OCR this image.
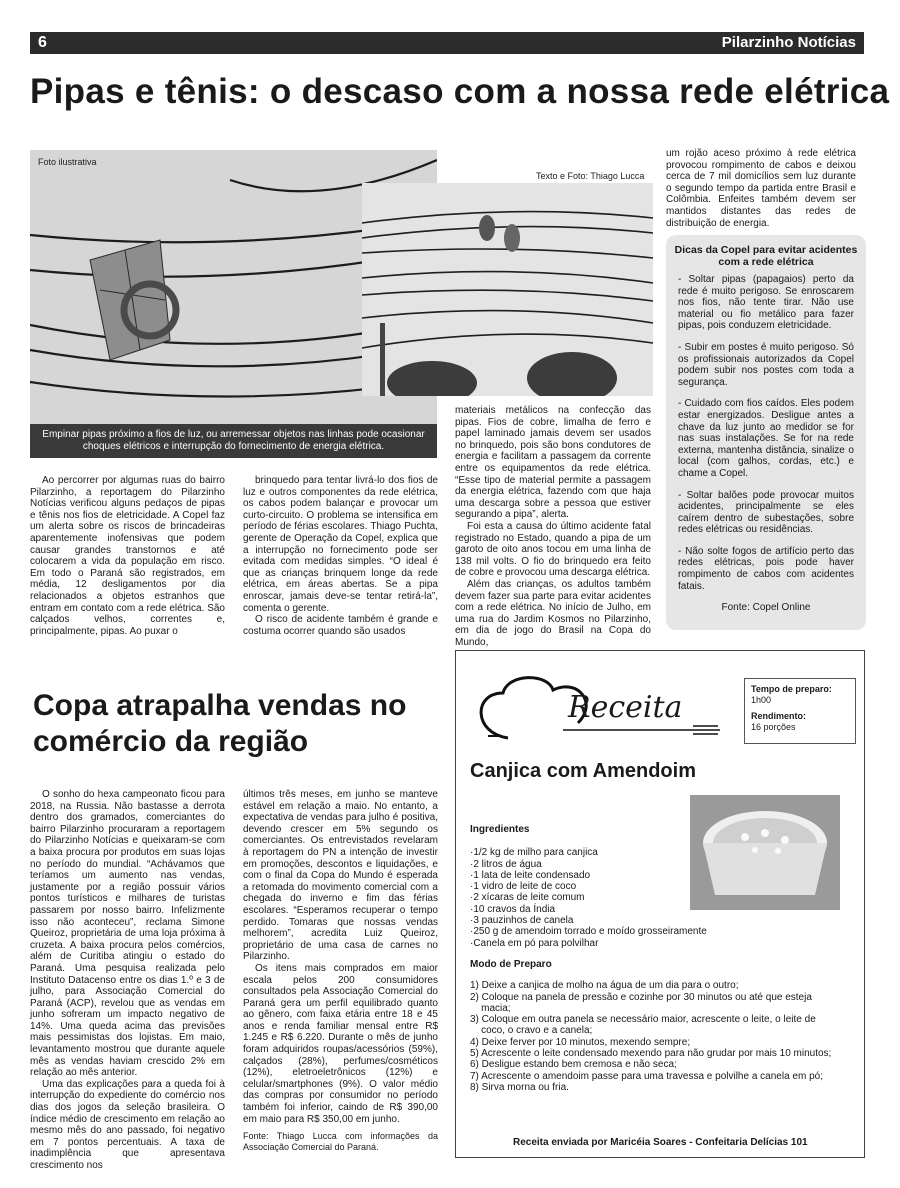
6	Pilarzinho Notícias
Pipas e tênis: o descaso com a nossa rede elétrica
Foto ilustrativa
Texto e Foto: Thiago Lucca
Empinar pipas próximo a fios de luz, ou arremessar objetos nas linhas pode ocasionar choques elétricos e interrupção do fornecimento de energia elétrica.

Ao percorrer por algumas ruas do bairro Pilarzinho, a reportagem do Pilarzinho Notícias verificou alguns pedaços de pipas e tênis nos fios de eletricidade. A Copel faz um alerta sobre os riscos de brincadeiras aparentemente inofensivas que podem causar grandes transtornos e até colocarem a vida da população em risco. Em todo o Paraná são registrados, em média, 12 desligamentos por dia relacionados a objetos estranhos que entram em contato com a rede elétrica. São calçados velhos, correntes e, principalmente, pipas. Ao puxar o

brinquedo para tentar livrá-lo dos fios de luz e outros componentes da rede elétrica, os cabos podem balançar e provocar um curto-circuito. O problema se intensifica em período de férias escolares. Thiago Puchta, gerente de Operação da Copel, explica que a interrupção no fornecimento pode ser evitada com medidas simples. “O ideal é que as crianças brinquem longe da rede elétrica, em áreas abertas. Se a pipa enroscar, jamais deve-se tentar retirá-la”, comenta o gerente.

O risco de acidente também é grande e costuma ocorrer quando são usados

materiais metálicos na confecção das pipas. Fios de cobre, limalha de ferro e papel laminado jamais devem ser usados no brinquedo, pois são bons condutores de energia e facilitam a passagem da corrente entre os equipamentos da rede elétrica. “Esse tipo de material permite a passagem da energia elétrica, fazendo com que haja uma descarga sobre a pessoa que estiver segurando a pipa”, alerta.

Foi esta a causa do último acidente fatal registrado no Estado, quando a pipa de um garoto de oito anos tocou em uma linha de 138 mil volts. O fio do brinquedo era feito de cobre e provocou uma descarga elétrica.

Além das crianças, os adultos também devem fazer sua parte para evitar acidentes com a rede elétrica. No início de Julho, em uma rua do Jardim Kosmos no Pilarzinho, em dia de jogo do Brasil na Copa do Mundo,

um rojão aceso próximo à rede elétrica provocou rompimento de cabos e deixou cerca de 7 mil domicílios sem luz durante o segundo tempo da partida entre Brasil e Colômbia. Enfeites também devem ser mantidos distantes das redes de distribuição de energia.

Dicas da Copel para evitar acidentes com a rede elétrica

- Soltar pipas (papagaios) perto da rede é muito perigoso. Se enroscarem nos fios, não tente tirar. Não use material ou fio metálico para fazer pipas, pois conduzem eletricidade.

- Subir em postes é muito perigoso. Só os profissionais autorizados da Copel podem subir nos postes com toda a segurança.

- Cuidado com fios caídos. Eles podem estar energizados. Desligue antes a chave da luz junto ao medidor se for nas suas instalações. Se for na rede externa, mantenha distância, sinalize o local (com galhos, cordas, etc.) e chame a Copel.

- Soltar balões pode provocar muitos acidentes, principalmente se eles caírem dentro de subestações, sobre redes elétricas ou residências.

- Não solte fogos de artifício perto das redes elétricas, pois pode haver rompimento de cabos com acidentes fatais.

Fonte: Copel Online

Copa atrapalha vendas no comércio da região

O sonho do hexa campeonato ficou para 2018, na Russia. Não bastasse a derrota dentro dos gramados, comerciantes do bairro Pilarzinho procuraram a reportagem do Pilarzinho Notícias e queixaram-se com a baixa procura por produtos em suas lojas no período do mundial. “Achávamos que teríamos um aumento nas vendas, justamente por a região possuir vários pontos turísticos e milhares de turistas passarem por nosso bairro. Infelizmente isso não aconteceu”, reclama Simone Queiroz, proprietária de uma loja próxima à cruzeta. A baixa procura pelos comércios, além de Curitiba atingiu o estado do Paraná. Uma pesquisa realizada pelo Instituto Datacenso entre os dias 1.º e 3 de julho, para Associação Comercial do Paraná (ACP), revelou que as vendas em junho sofreram um impacto negativo de 14%. Uma queda acima das previsões mais pessimistas dos lojistas. Em maio, levantamento mostrou que durante aquele mês as vendas haviam crescido 2% em relação ao mês anterior.

Uma das explicações para a queda foi à interrupção do expediente do comércio nos dias dos jogos da seleção brasileira. O índice médio de crescimento em relação ao mesmo mês do ano passado, foi negativo em 7 pontos percentuais. A taxa de inadimplência que apresentava crescimento nos

últimos três meses, em junho se manteve estável em relação a maio. No entanto, a expectativa de vendas para julho é positiva, devendo crescer em 5% segundo os comerciantes. Os entrevistados revelaram à reportagem do PN a intenção de investir em promoções, descontos e liquidações, e com o final da Copa do Mundo é esperada a retomada do movimento comercial com a chegada do inverno e fim das férias escolares. “Esperamos recuperar o tempo perdido. Tomaras que nossas vendas melhorem”, acredita Luiz Queiroz, proprietário de uma casa de carnes no Pilarzinho.

Os itens mais comprados em maior escala pelos 200 consumidores consultados pela Associação Comercial do Paraná gera um perfil equilibrado quanto ao gênero, com faixa etária entre 18 e 45 anos e renda familiar mensal entre R$ 1.245 e R$ 6.220. Durante o mês de junho foram adquiridos roupas/acessórios (59%), calçados (28%), perfumes/cosméticos (12%), eletroeletrônicos (12%) e celular/smartphones (9%). O valor médio das compras por consumidor no período também foi inferior, caindo de R$ 390,00 em maio para R$ 350,00 em junho.

Fonte: Thiago Lucca com informações da Associação Comercial do Paraná.
Receita
Tempo de preparo: 1h00
Rendimento:
16 porções
Canjica com Amendoim
Ingredientes
·1/2 kg de milho para canjica
·2 litros de água
·1 lata de leite condensado
·1 vidro de leite de coco
·2 xícaras de leite comum
·10 cravos da Índia
·3 pauzinhos de canela
·250 g de amendoim torrado e moído grosseiramente
·Canela em pó para polvilhar
Modo de Preparo
1) Deixe a canjica de molho na água de um dia para o outro;
2) Coloque na panela de pressão e cozinhe por 30 minutos ou até que esteja
macia;
3) Coloque em outra panela se necessário maior, acrescente o leite, o leite de
coco, o cravo e a canela;
4) Deixe ferver por 10 minutos, mexendo sempre;
5) Acrescente o leite condensado mexendo para não grudar por mais 10 minutos;
6) Desligue estando bem cremosa e não seca;
7) Acrescente o amendoim passe para uma travessa e polvilhe a canela em pó;
8) Sirva morna ou fria.
Receita enviada por Maricéia Soares - Confeitaria Delícias 101
